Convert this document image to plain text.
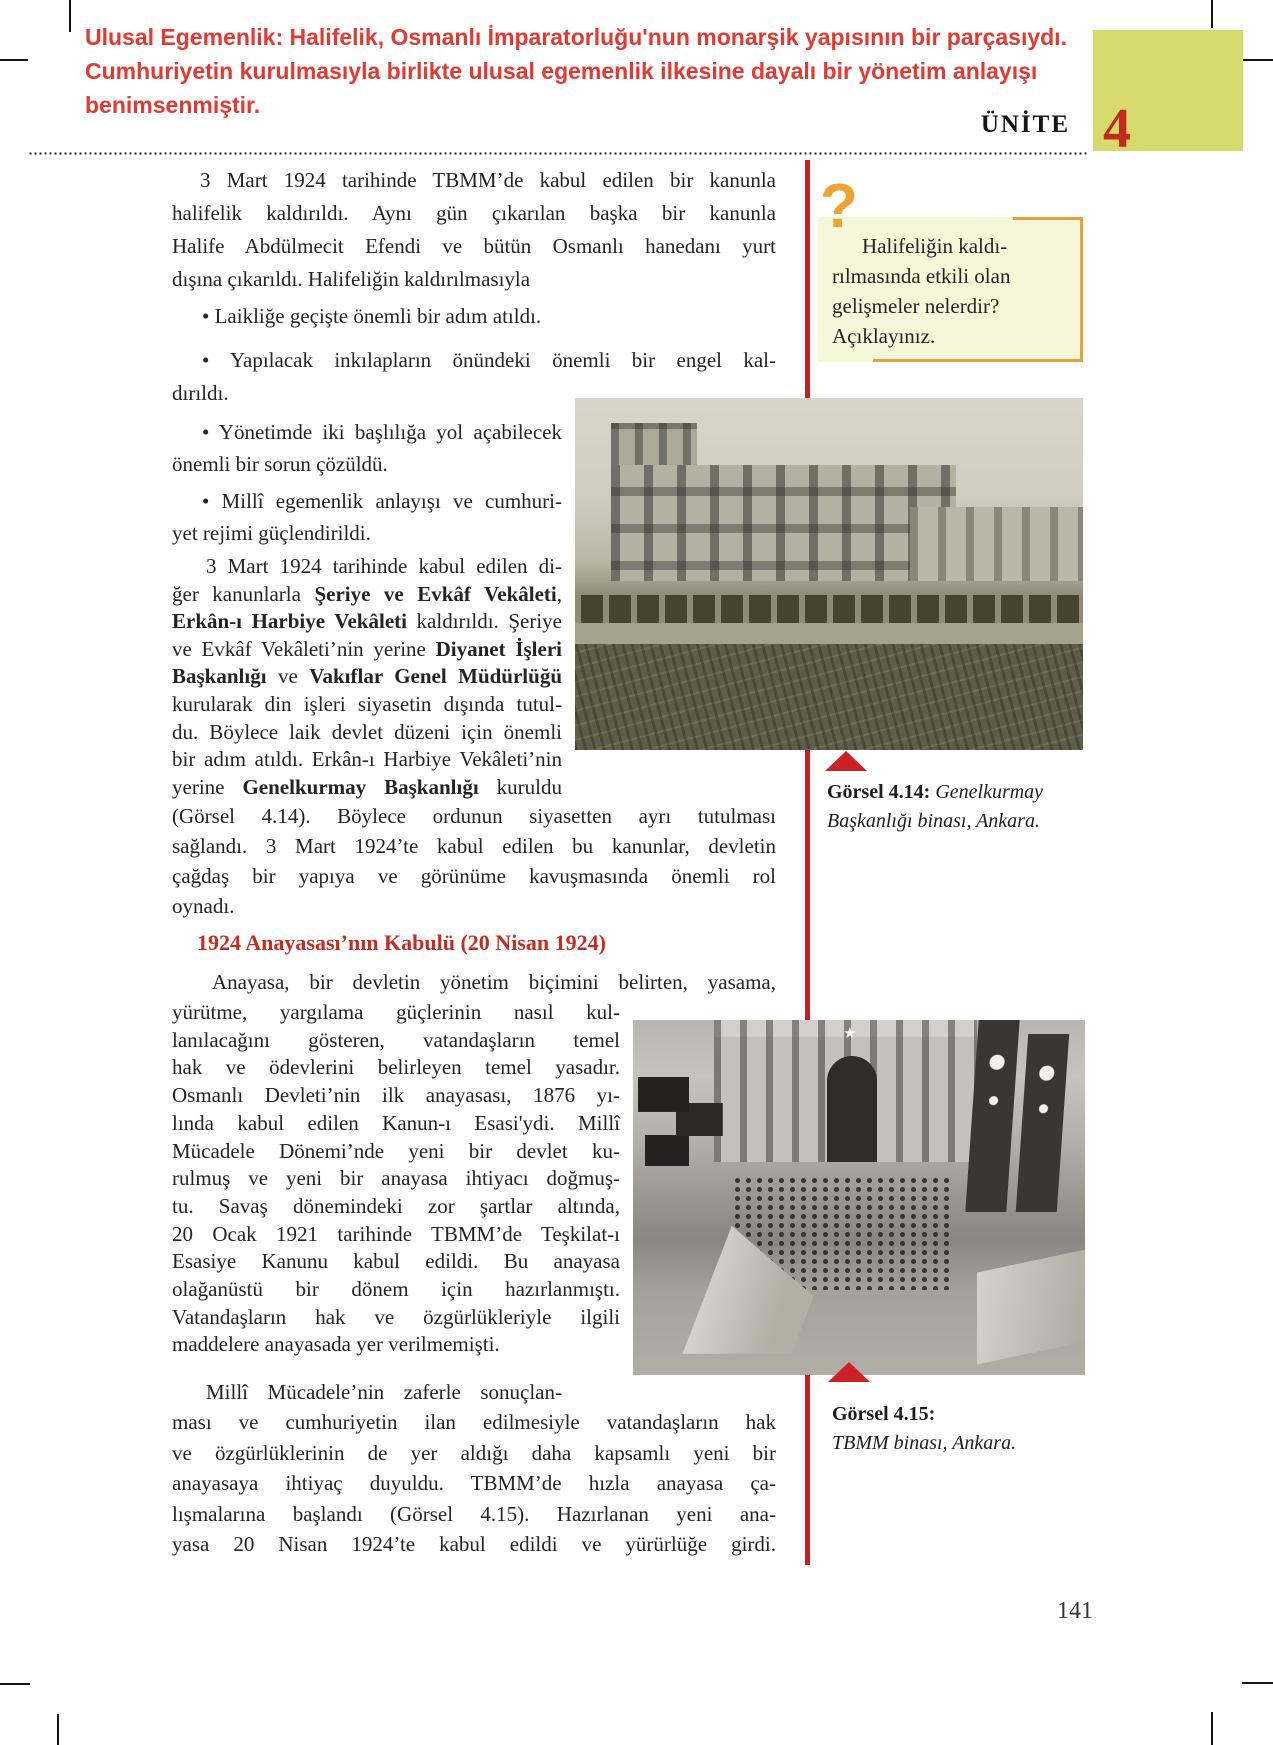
Ulusal Egemenlik: Halifelik, Osmanlı İmparatorluğu'nun monarşik yapısının bir parçasıydı.
Cumhuriyetin kurulmasıyla birlikte ulusal egemenlik ilkesine dayalı bir yönetim anlayışı
benimsenmiştir.
ÜNİTE 4
?
Halifeliğin kaldı-
rılmasında etkili olan
gelişmeler nelerdir?
Açıklayınız.
3 Mart 1924 tarihinde TBMM’de kabul edilen bir kanunla
halifelik kaldırıldı. Aynı gün çıkarılan başka bir kanunla
Halife Abdülmecit Efendi ve bütün Osmanlı hanedanı yurt
dışına çıkarıldı. Halifeliğin kaldırılmasıyla
• Laikliğe geçişte önemli bir adım atıldı.
• Yapılacak inkılapların önündeki önemli bir engel kal-
dırıldı.
• Yönetimde iki başlılığa yol açabilecek
önemli bir sorun çözüldü.
• Millî egemenlik anlayışı ve cumhuri-
yet rejimi güçlendirildi.
3 Mart 1924 tarihinde kabul edilen di-
ğer kanunlarla Şeriye ve Evkâf Vekâleti,
Erkân-ı Harbiye Vekâleti kaldırıldı. Şeriye
ve Evkâf Vekâleti’nin yerine Diyanet İşleri
Başkanlığı ve Vakıflar Genel Müdürlüğü
kurularak din işleri siyasetin dışında tutul-
du. Böylece laik devlet düzeni için önemli
bir adım atıldı. Erkân-ı Harbiye Vekâleti’nin
yerine Genelkurmay Başkanlığı kuruldu
(Görsel 4.14). Böylece ordunun siyasetten ayrı tutulması
sağlandı. 3 Mart 1924’te kabul edilen bu kanunlar, devletin
çağdaş bir yapıya ve görünüme kavuşmasında önemli rol
oynadı.
1924 Anayasası’nın Kabulü (20 Nisan 1924)
Anayasa, bir devletin yönetim biçimini belirten, yasama,
yürütme, yargılama güçlerinin nasıl kul-
lanılacağını gösteren, vatandaşların temel
hak ve ödevlerini belirleyen temel yasadır.
Osmanlı Devleti’nin ilk anayasası, 1876 yı-
lında kabul edilen Kanun-ı Esasi'ydi. Millî
Mücadele Dönemi’nde yeni bir devlet ku-
rulmuş ve yeni bir anayasa ihtiyacı doğmuş-
tu. Savaş dönemindeki zor şartlar altında,
20 Ocak 1921 tarihinde TBMM’de Teşkilat-ı
Esasiye Kanunu kabul edildi. Bu anayasa
olağanüstü bir dönem için hazırlanmıştı.
Vatandaşların hak ve özgürlükleriyle ilgili
maddelere anayasada yer verilmemişti.
Millî Mücadele’nin zaferle sonuçlan-
ması ve cumhuriyetin ilan edilmesiyle vatandaşların hak
ve özgürlüklerinin de yer aldığı daha kapsamlı yeni bir
anayasaya ihtiyaç duyuldu. TBMM’de hızla anayasa ça-
lışmalarına başlandı (Görsel 4.15). Hazırlanan yeni ana-
yasa 20 Nisan 1924’te kabul edildi ve yürürlüğe girdi.
Görsel 4.14: Genelkurmay
Başkanlığı binası, Ankara.
★
Görsel 4.15:
TBMM binası, Ankara.
141
